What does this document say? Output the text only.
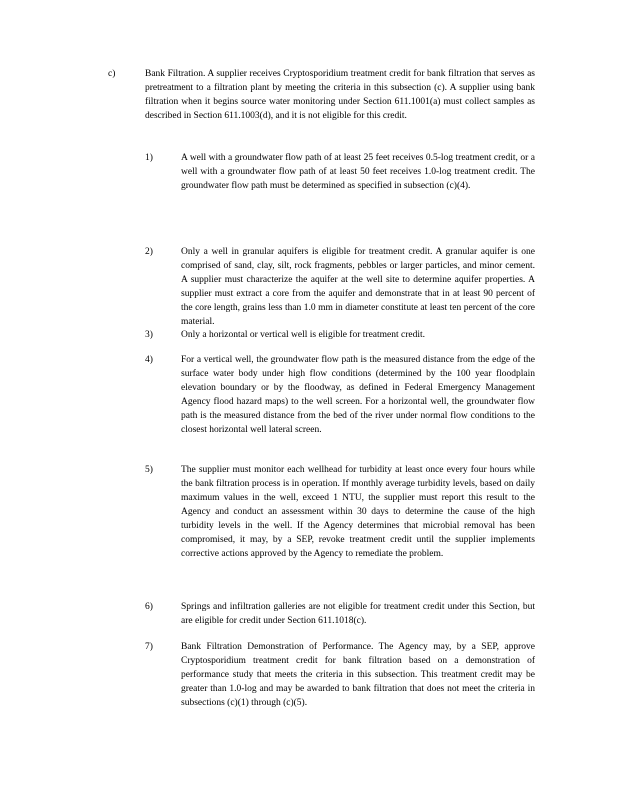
c)	Bank Filtration. A supplier receives Cryptosporidium treatment credit for bank filtration that serves as pretreatment to a filtration plant by meeting the criteria in this subsection (c). A supplier using bank filtration when it begins source water monitoring under Section 611.1001(a) must collect samples as described in Section 611.1003(d), and it is not eligible for this credit.
1)	A well with a groundwater flow path of at least 25 feet receives 0.5-log treatment credit, or a well with a groundwater flow path of at least 50 feet receives 1.0-log treatment credit. The groundwater flow path must be determined as specified in subsection (c)(4).
2)	Only a well in granular aquifers is eligible for treatment credit. A granular aquifer is one comprised of sand, clay, silt, rock fragments, pebbles or larger particles, and minor cement. A supplier must characterize the aquifer at the well site to determine aquifer properties. A supplier must extract a core from the aquifer and demonstrate that in at least 90 percent of the core length, grains less than 1.0 mm in diameter constitute at least ten percent of the core material.
3)	Only a horizontal or vertical well is eligible for treatment credit.
4)	For a vertical well, the groundwater flow path is the measured distance from the edge of the surface water body under high flow conditions (determined by the 100 year floodplain elevation boundary or by the floodway, as defined in Federal Emergency Management Agency flood hazard maps) to the well screen. For a horizontal well, the groundwater flow path is the measured distance from the bed of the river under normal flow conditions to the closest horizontal well lateral screen.
5)	The supplier must monitor each wellhead for turbidity at least once every four hours while the bank filtration process is in operation. If monthly average turbidity levels, based on daily maximum values in the well, exceed 1 NTU, the supplier must report this result to the Agency and conduct an assessment within 30 days to determine the cause of the high turbidity levels in the well. If the Agency determines that microbial removal has been compromised, it may, by a SEP, revoke treatment credit until the supplier implements corrective actions approved by the Agency to remediate the problem.
6)	Springs and infiltration galleries are not eligible for treatment credit under this Section, but are eligible for credit under Section 611.1018(c).
7)	Bank Filtration Demonstration of Performance. The Agency may, by a SEP, approve Cryptosporidium treatment credit for bank filtration based on a demonstration of performance study that meets the criteria in this subsection. This treatment credit may be greater than 1.0-log and may be awarded to bank filtration that does not meet the criteria in subsections (c)(1) through (c)(5).
